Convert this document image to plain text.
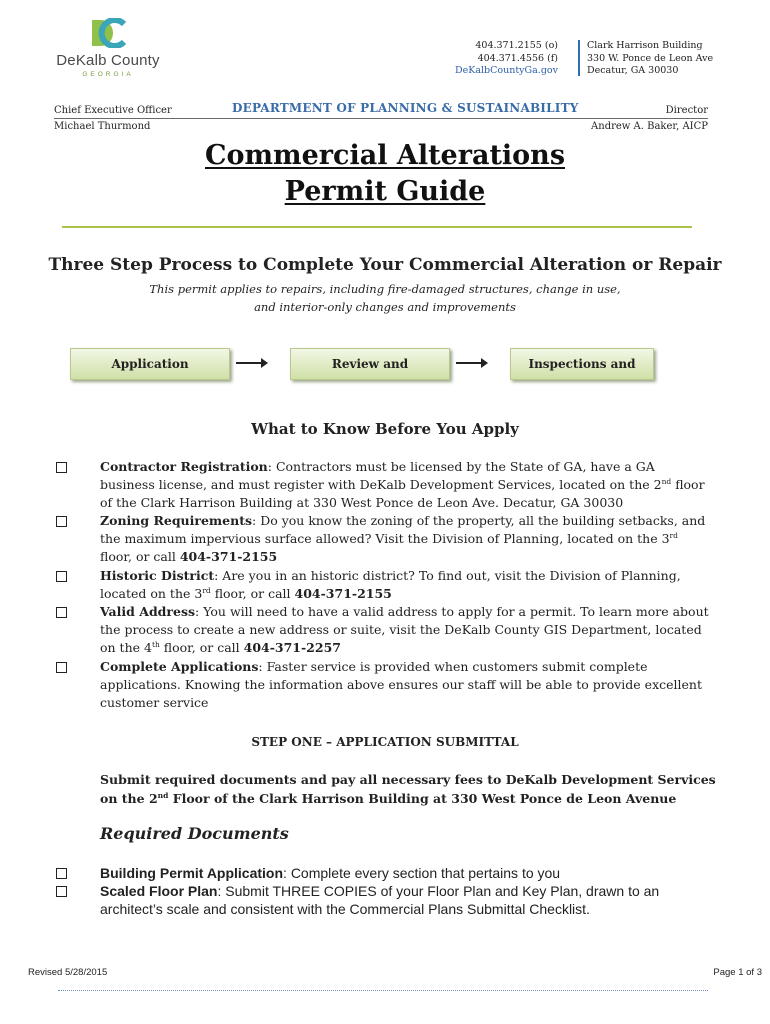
DeKalb County
GEORGIA
404.371.2155 (o)
404.371.4556 (f)
DeKalbCountyGa.gov
Clark Harrison Building
330 W. Ponce de Leon Ave
Decatur, GA 30030
Chief Executive Officer	DEPARTMENT OF PLANNING & SUSTAINABILITY
Michael Thurmond
Director
Andrew A. Baker, AICP
Commercial Alterations
Permit Guide
Three Step Process to Complete Your Commercial Alteration or Repair
This permit applies to repairs, including fire-damaged structures, change in use,
and interior-only changes and improvements
Application	Review and	Inspections and
What to Know Before You Apply
Contractor Registration: Contractors must be licensed by the State of GA, have a GA business license, and must register with DeKalb Development Services, located on the 2nd floor of the Clark Harrison Building at 330 West Ponce de Leon Ave. Decatur, GA 30030
Zoning Requirements: Do you know the zoning of the property, all the building setbacks, and the maximum impervious surface allowed? Visit the Division of Planning, located on the 3rd floor, or call 404-371-2155
Historic District: Are you in an historic district? To find out, visit the Division of Planning, located on the 3rd floor, or call 404-371-2155
Valid Address: You will need to have a valid address to apply for a permit. To learn more about the process to create a new address or suite, visit the DeKalb County GIS Department, located on the 4th floor, or call 404-371-2257
Complete Applications: Faster service is provided when customers submit complete applications. Knowing the information above ensures our staff will be able to provide excellent customer service
STEP ONE – APPLICATION SUBMITTAL
Submit required documents and pay all necessary fees to DeKalb Development Services on the 2nd Floor of the Clark Harrison Building at 330 West Ponce de Leon Avenue
Required Documents
Building Permit Application: Complete every section that pertains to you
Scaled Floor Plan: Submit THREE COPIES of your Floor Plan and Key Plan, drawn to an architect’s scale and consistent with the Commercial Plans Submittal Checklist.
Revised 5/28/2015	Page 1 of 3
